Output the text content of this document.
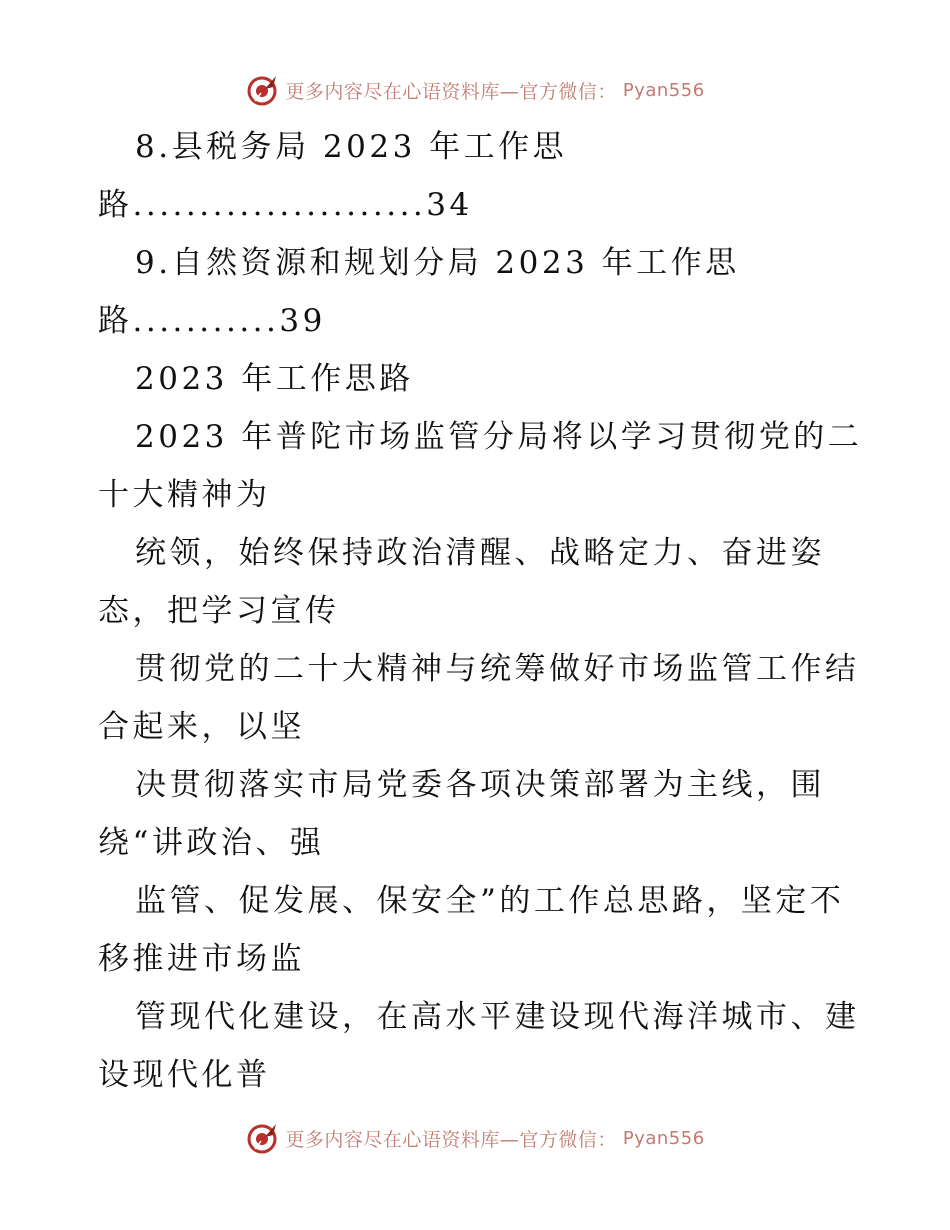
更多内容尽在心语资料库—官方微信： Pyan556
8.县税务局 2023 年工作思
路......................34
9.自然资源和规划分局 2023 年工作思
路...........39
2023 年工作思路
2023 年普陀市场监管分局将以学习贯彻党的二
十大精神为
统领，始终保持政治清醒、战略定力、奋进姿
态，把学习宣传
贯彻党的二十大精神与统筹做好市场监管工作结
合起来，以坚
决贯彻落实市局党委各项决策部署为主线，围
绕“讲政治、强
监管、促发展、保安全”的工作总思路，坚定不
移推进市场监
管现代化建设，在高水平建设现代海洋城市、建
设现代化普
更多内容尽在心语资料库—官方微信： Pyan556
